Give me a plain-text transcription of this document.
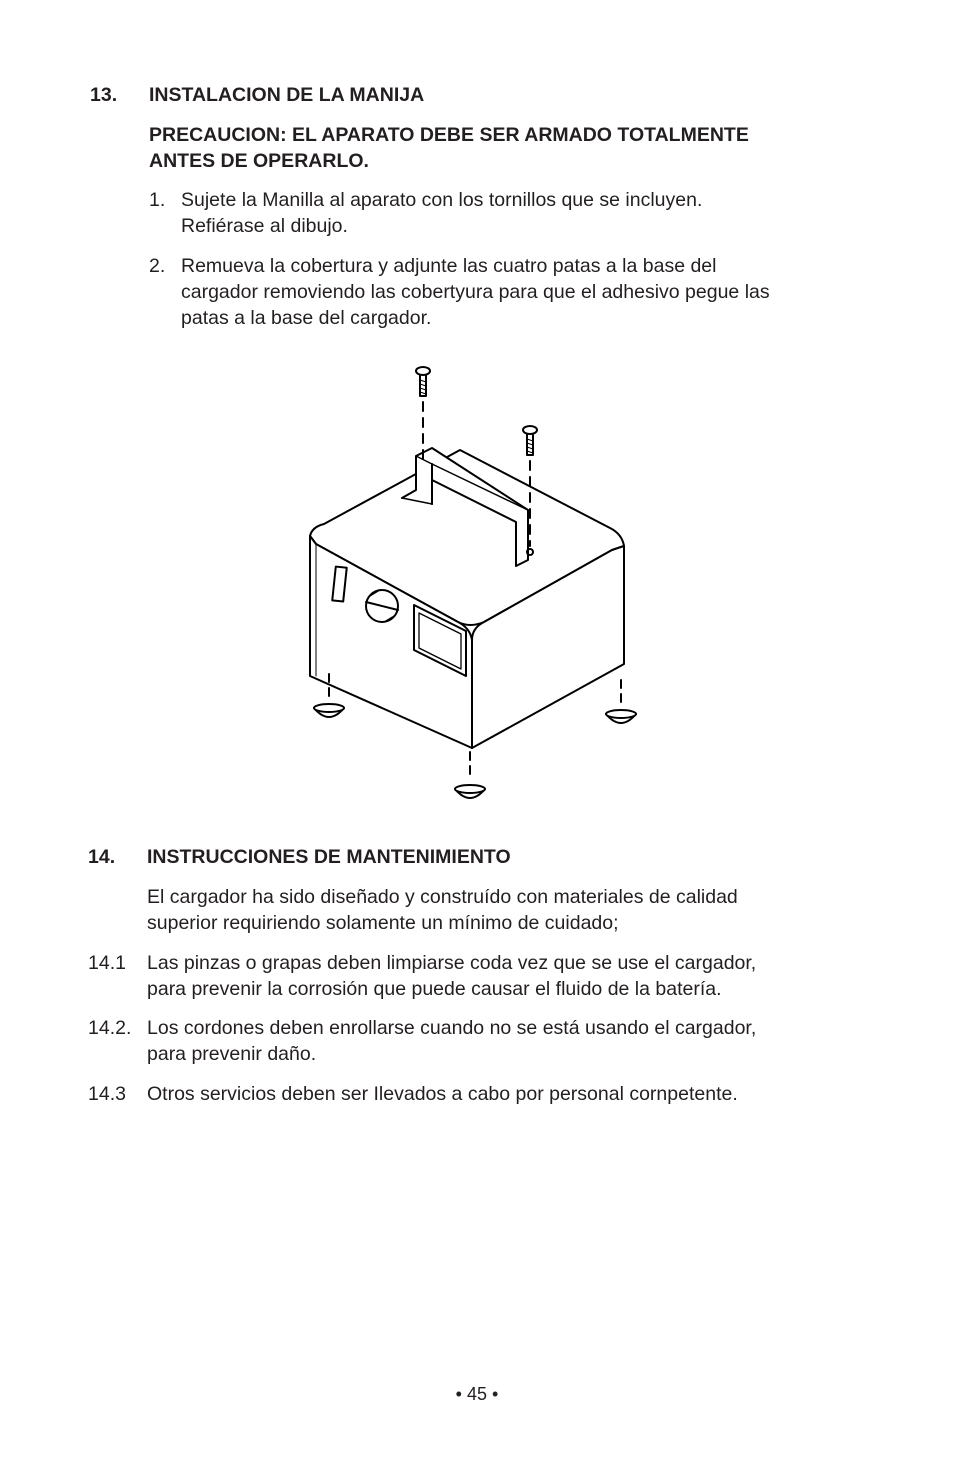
13. INSTALACION DE LA MANIJA
PRECAUCION: EL APARATO DEBE SER ARMADO TOTALMENTE
ANTES DE OPERARLO.
1. Sujete la Manilla al aparato con los tornillos que se incluyen.
Refiérase al dibujo.
2. Remueva la cobertura y adjunte las cuatro patas a la base del
cargador removiendo las cobertyura para que el adhesivo pegue las
patas a la base del cargador.
14. INSTRUCCIONES DE MANTENIMIENTO
El cargador ha sido diseñado y construído con materiales de calidad
superior requiriendo solamente un mínimo de cuidado;
14.1 Las pinzas o grapas deben limpiarse coda vez que se use el cargador,
para prevenir la corrosión que puede causar el fluido de la batería.
14.2. Los cordones deben enrollarse cuando no se está usando el cargador,
para prevenir daño.
14.3 Otros servicios deben ser Ilevados a cabo por personal cornpetente.
• 45 •
